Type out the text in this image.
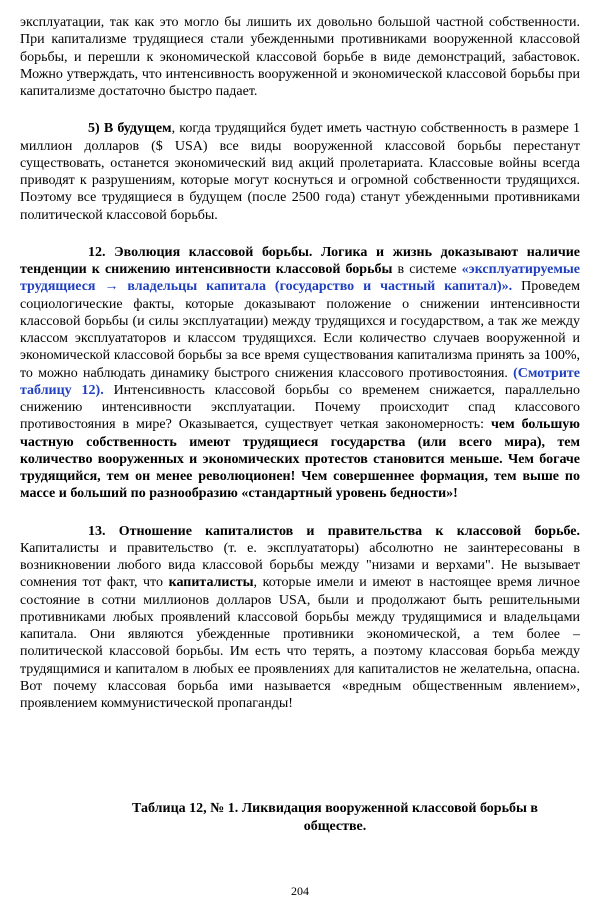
эксплуатации, так как это могло бы лишить их довольно большой частной собственности. При капитализме трудящиеся стали убежденными противниками вооруженной классовой борьбы, и перешли к экономической классовой борьбе в виде демонстраций, забастовок. Можно утверждать, что интенсивность вооруженной и экономической классовой борьбы при капитализме достаточно быстро падает.

5) В будущем, когда трудящийся будет иметь частную собственность в размере 1 миллион долларов ($ USA) все виды вооруженной классовой борьбы перестанут существовать, останется экономический вид акций пролетариата. Классовые войны всегда приводят к разрушениям, которые могут коснуться и огромной собственности трудящихся. Поэтому все трудящиеся в будущем (после 2500 года) станут убежденными противниками политической классовой борьбы.

12. Эволюция классовой борьбы. Логика и жизнь доказывают наличие тенденции к снижению интенсивности классовой борьбы в системе «эксплуатируемые трудящиеся → владельцы капитала (государство и частный капитал)». Проведем социологические факты, которые доказывают положение о снижении интенсивности классовой борьбы (и силы эксплуатации) между трудящихся и государством, а так же между классом эксплуататоров и классом трудящихся. Если количество случаев вооруженной и экономической классовой борьбы за все время существования капитализма принять за 100%, то можно наблюдать динамику быстрого снижения классового противостояния. (Смотрите таблицу 12). Интенсивность классовой борьбы со временем снижается, параллельно снижению интенсивности эксплуатации. Почему происходит спад классового противостояния в мире? Оказывается, существует четкая закономерность: чем большую частную собственность имеют трудящиеся государства (или всего мира), тем количество вооруженных и экономических протестов становится меньше. Чем богаче трудящийся, тем он менее революционен! Чем совершеннее формация, тем выше по массе и больший по разнообразию «стандартный уровень бедности»!

13. Отношение капиталистов и правительства к классовой борьбе. Капиталисты и правительство (т. е. эксплуататоры) абсолютно не заинтересованы в возникновении любого вида классовой борьбы между "низами и верхами". Не вызывает сомнения тот факт, что капиталисты, которые имели и имеют в настоящее время личное состояние в сотни миллионов долларов USA, были и продолжают быть решительными противниками любых проявлений классовой борьбы между трудящимися и владельцами капитала. Они являются убежденные противники экономической, а тем более – политической классовой борьбы. Им есть что терять, а поэтому классовая борьба между трудящимися и капиталом в любых ее проявлениях для капиталистов не желательна, опасна. Вот почему классовая борьба ими называется «вредным общественным явлением», проявлением коммунистической пропаганды!

Таблица 12, № 1. Ликвидация вооруженной классовой борьбы в обществе.
204
